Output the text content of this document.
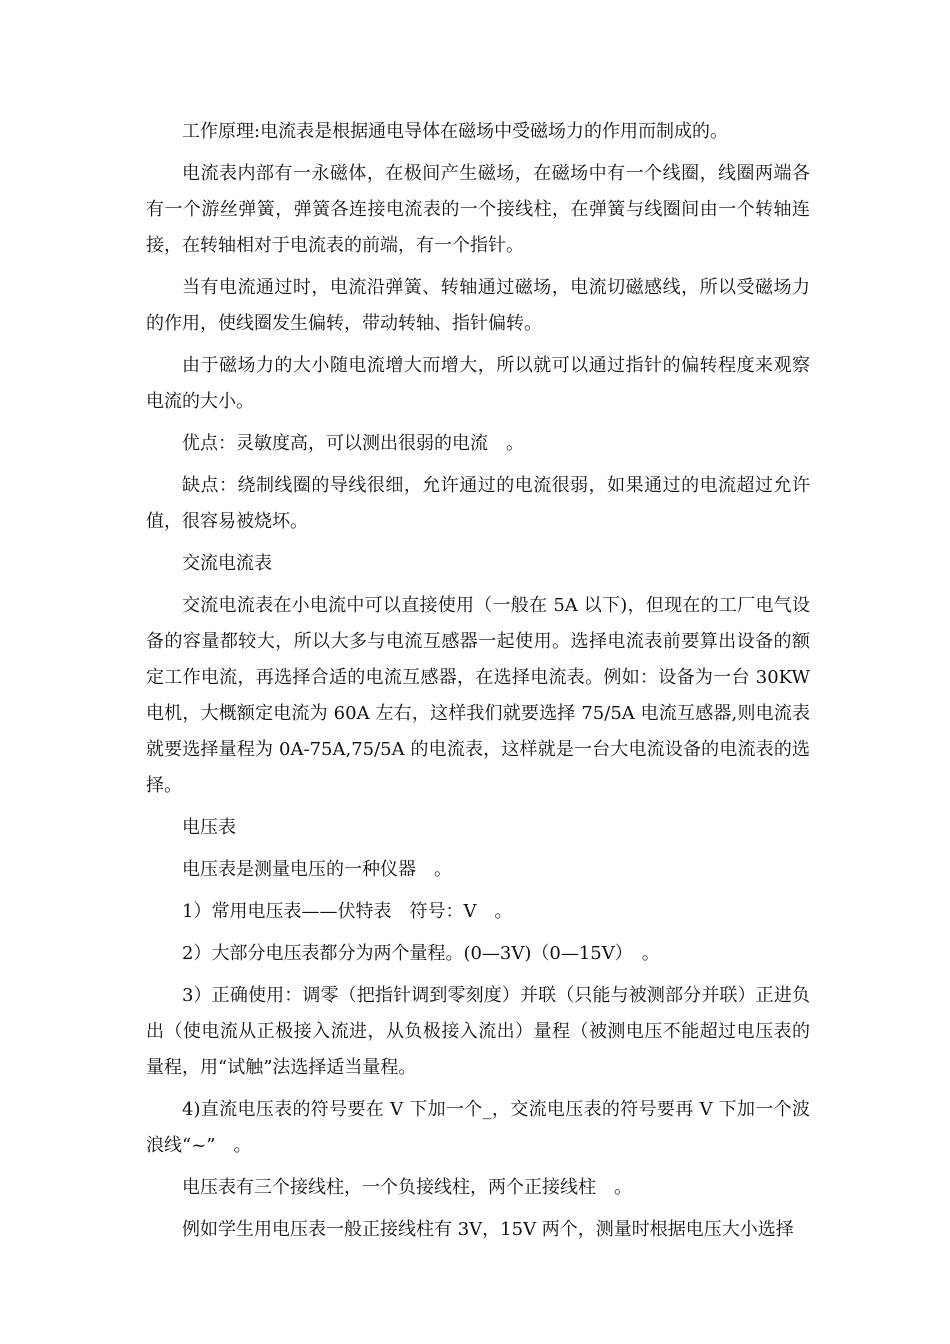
工作原理:电流表是根据通电导体在磁场中受磁场力的作用而制成的。

电流表内部有一永磁体，在极间产生磁场，在磁场中有一个线圈，线圈两端各有一个游丝弹簧，弹簧各连接电流表的一个接线柱，在弹簧与线圈间由一个转轴连接，在转轴相对于电流表的前端，有一个指针。

当有电流通过时，电流沿弹簧、转轴通过磁场，电流切磁感线，所以受磁场力的作用，使线圈发生偏转，带动转轴、指针偏转。

由于磁场力的大小随电流增大而增大，所以就可以通过指针的偏转程度来观察电流的大小。

优点：灵敏度高，可以测出很弱的电流　。

缺点：绕制线圈的导线很细，允许通过的电流很弱，如果通过的电流超过允许值，很容易被烧坏。

交流电流表

交流电流表在小电流中可以直接使用（一般在 5A 以下)，但现在的工厂电气设备的容量都较大，所以大多与电流互感器一起使用。选择电流表前要算出设备的额定工作电流，再选择合适的电流互感器，在选择电流表。例如：设备为一台 30KW 电机，大概额定电流为 60A 左右，这样我们就要选择 75/5A 电流互感器,则电流表就要选择量程为 0A-75A,75/5A 的电流表，这样就是一台大电流设备的电流表的选择。

电压表

电压表是测量电压的一种仪器　。

1）常用电压表——伏特表　符号：V　。

2）大部分电压表都分为两个量程。(0—3V)（0—15V）　。

3）正确使用：调零（把指针调到零刻度）并联（只能与被测部分并联）正进负出（使电流从正极接入流进，从负极接入流出）量程（被测电压不能超过电压表的量程，用“试触”法选择适当量程。

4)直流电压表的符号要在 V 下加一个_，交流电压表的符号要再 V 下加一个波浪线“~”　。

电压表有三个接线柱，一个负接线柱，两个正接线柱　。

例如学生用电压表一般正接线柱有 3V，15V 两个，测量时根据电压大小选择
